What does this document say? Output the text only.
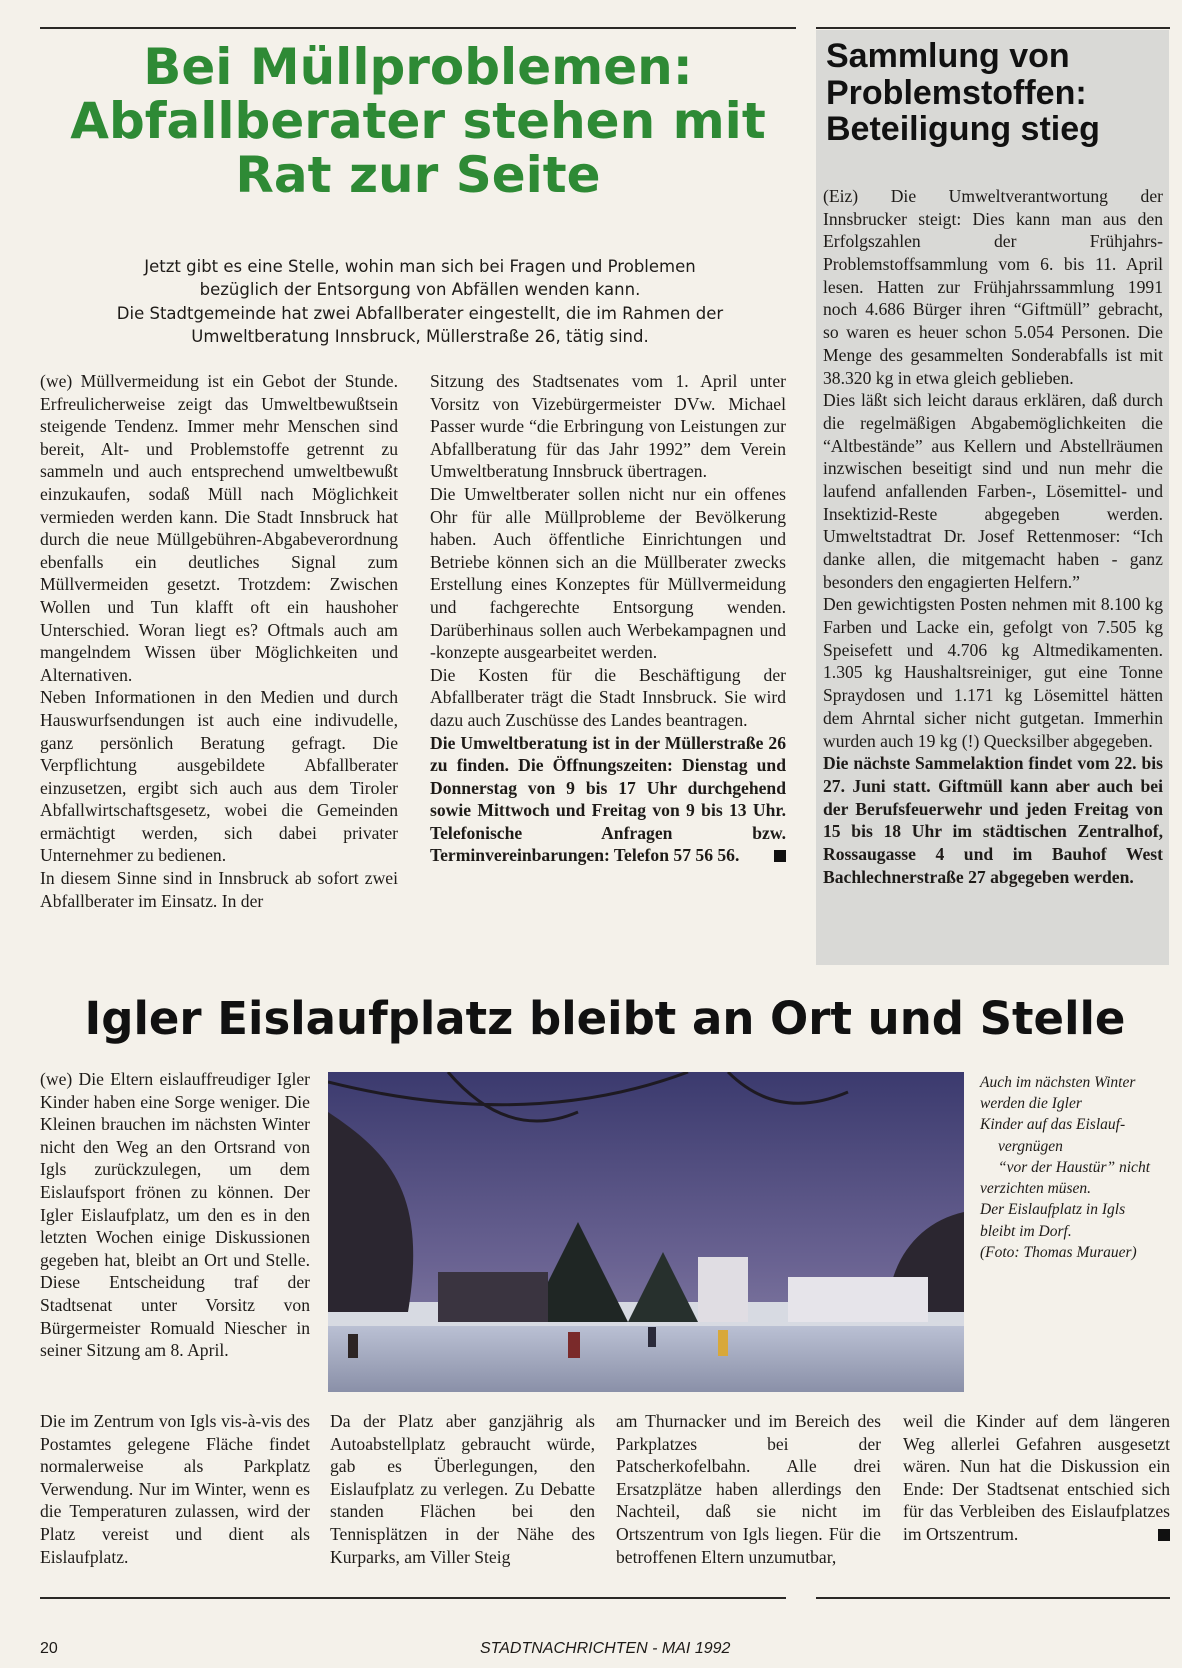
Bei Müllproblemen: Abfallberater stehen mit Rat zur Seite
Jetzt gibt es eine Stelle, wohin man sich bei Fragen und Problemen
bezüglich der Entsorgung von Abfällen wenden kann.
Die Stadtgemeinde hat zwei Abfallberater eingestellt, die im Rahmen der
Umweltberatung Innsbruck, Müllerstraße 26, tätig sind.

(we) Müllvermeidung ist ein Gebot der Stunde. Erfreulicherweise zeigt das Umweltbewußtsein steigende Tendenz. Immer mehr Menschen sind bereit, Alt- und Problemstoffe getrennt zu sammeln und auch entsprechend umweltbewußt einzukaufen, sodaß Müll nach Möglichkeit vermieden werden kann. Die Stadt Innsbruck hat durch die neue Müllgebühren-Abgabeverordnung ebenfalls ein deutliches Signal zum Müllvermeiden gesetzt. Trotzdem: Zwischen Wollen und Tun klafft oft ein haushoher Unterschied. Woran liegt es? Oftmals auch am mangelndem Wissen über Möglichkeiten und Alternativen.

Neben Informationen in den Medien und durch Hauswurfsendungen ist auch eine indivudelle, ganz persönlich Beratung gefragt. Die Verpflichtung ausgebildete Abfallberater einzusetzen, ergibt sich auch aus dem Tiroler Abfallwirtschaftsgesetz, wobei die Gemeinden ermächtigt werden, sich dabei privater Unternehmer zu bedienen.

In diesem Sinne sind in Innsbruck ab sofort zwei Abfallberater im Einsatz. In der

Sitzung des Stadtsenates vom 1. April unter Vorsitz von Vizebürgermeister DVw. Michael Passer wurde “die Erbringung von Leistungen zur Abfallberatung für das Jahr 1992” dem Verein Umweltberatung Innsbruck übertragen.

Die Umweltberater sollen nicht nur ein offenes Ohr für alle Müllprobleme der Bevölkerung haben. Auch öffentliche Einrichtungen und Betriebe können sich an die Müllberater zwecks Erstellung eines Konzeptes für Müllvermeidung und fachgerechte Entsorgung wenden. Darüberhinaus sollen auch Werbekampagnen und -konzepte ausgearbeitet werden.

Die Kosten für die Beschäftigung der Abfallberater trägt die Stadt Innsbruck. Sie wird dazu auch Zuschüsse des Landes beantragen.

Die Umweltberatung ist in der Müllerstraße 26 zu finden. Die Öffnungszeiten: Dienstag und Donnerstag von 9 bis 17 Uhr durchgehend sowie Mittwoch und Freitag von 9 bis 13 Uhr. Telefonische Anfragen bzw. Terminvereinbarungen: Telefon 57 56 56.

Sammlung von Problemstoffen: Beteiligung stieg

(Eiz) Die Umweltverantwortung der Innsbrucker steigt: Dies kann man aus den Erfolgszahlen der Frühjahrs-Problemstoffsammlung vom 6. bis 11. April lesen. Hatten zur Frühjahrssammlung 1991 noch 4.686 Bürger ihren “Giftmüll” gebracht, so waren es heuer schon 5.054 Personen. Die Menge des gesammelten Sonderabfalls ist mit 38.320 kg in etwa gleich geblieben.

Dies läßt sich leicht daraus erklären, daß durch die regelmäßigen Abgabemöglichkeiten die “Altbestände” aus Kellern und Abstellräumen inzwischen beseitigt sind und nun mehr die laufend anfallenden Farben-, Lösemittel- und Insektizid-Reste abgegeben werden. Umweltstadtrat Dr. Josef Rettenmoser: “Ich danke allen, die mitgemacht haben - ganz besonders den engagierten Helfern.”

Den gewichtigsten Posten nehmen mit 8.100 kg Farben und Lacke ein, gefolgt von 7.505 kg Speisefett und 4.706 kg Altmedikamenten. 1.305 kg Haushaltsreiniger, gut eine Tonne Spraydosen und 1.171 kg Lösemittel hätten dem Ahrntal sicher nicht gutgetan. Immerhin wurden auch 19 kg (!) Quecksilber abgegeben.

Die nächste Sammelaktion findet vom 22. bis 27. Juni statt. Giftmüll kann aber auch bei der Berufsfeuerwehr und jeden Freitag von 15 bis 18 Uhr im städtischen Zentralhof, Rossaugasse 4 und im Bauhof West Bachlechnerstraße 27 abgegeben werden.

Igler Eislaufplatz bleibt an Ort und Stelle

(we) Die Eltern eislauffreudiger Igler Kinder haben eine Sorge weniger. Die Kleinen brauchen im nächsten Winter nicht den Weg an den Ortsrand von Igls zurückzulegen, um dem Eislaufsport frönen zu können. Der Igler Eislaufplatz, um den es in den letzten Wochen einige Diskussionen gegeben hat, bleibt an Ort und Stelle. Diese Entscheidung traf der Stadtsenat unter Vorsitz von Bürgermeister Romuald Niescher in seiner Sitzung am 8. April.

Auch im nächsten Winter
werden die Igler
Kinder auf das Eislauf-
vergnügen
“vor der Haustür” nicht
verzichten müsen.
Der Eislaufplatz in Igls
bleibt im Dorf.
(Foto: Thomas Murauer)

Die im Zentrum von Igls vis-à-vis des Postamtes gelegene Fläche findet normalerweise als Parkplatz Verwendung. Nur im Winter, wenn es die Temperaturen zulassen, wird der Platz vereist und dient als Eislaufplatz.

Da der Platz aber ganzjährig als Autoabstellplatz gebraucht würde, gab es Überlegungen, den Eislaufplatz zu verlegen. Zu Debatte standen Flächen bei den Tennisplätzen in der Nähe des Kurparks, am Viller Steig

am Thurnacker und im Bereich des Parkplatzes bei der Patscherkofelbahn. Alle drei Ersatzplätze haben allerdings den Nachteil, daß sie nicht im Ortszentrum von Igls liegen. Für die betroffenen Eltern unzumutbar,

weil die Kinder auf dem längeren Weg allerlei Gefahren ausgesetzt wären. Nun hat die Diskussion ein Ende: Der Stadtsenat entschied sich für das Verbleiben des Eislaufplatzes im Ortszentrum.

20	STADTNACHRICHTEN - MAI 1992
